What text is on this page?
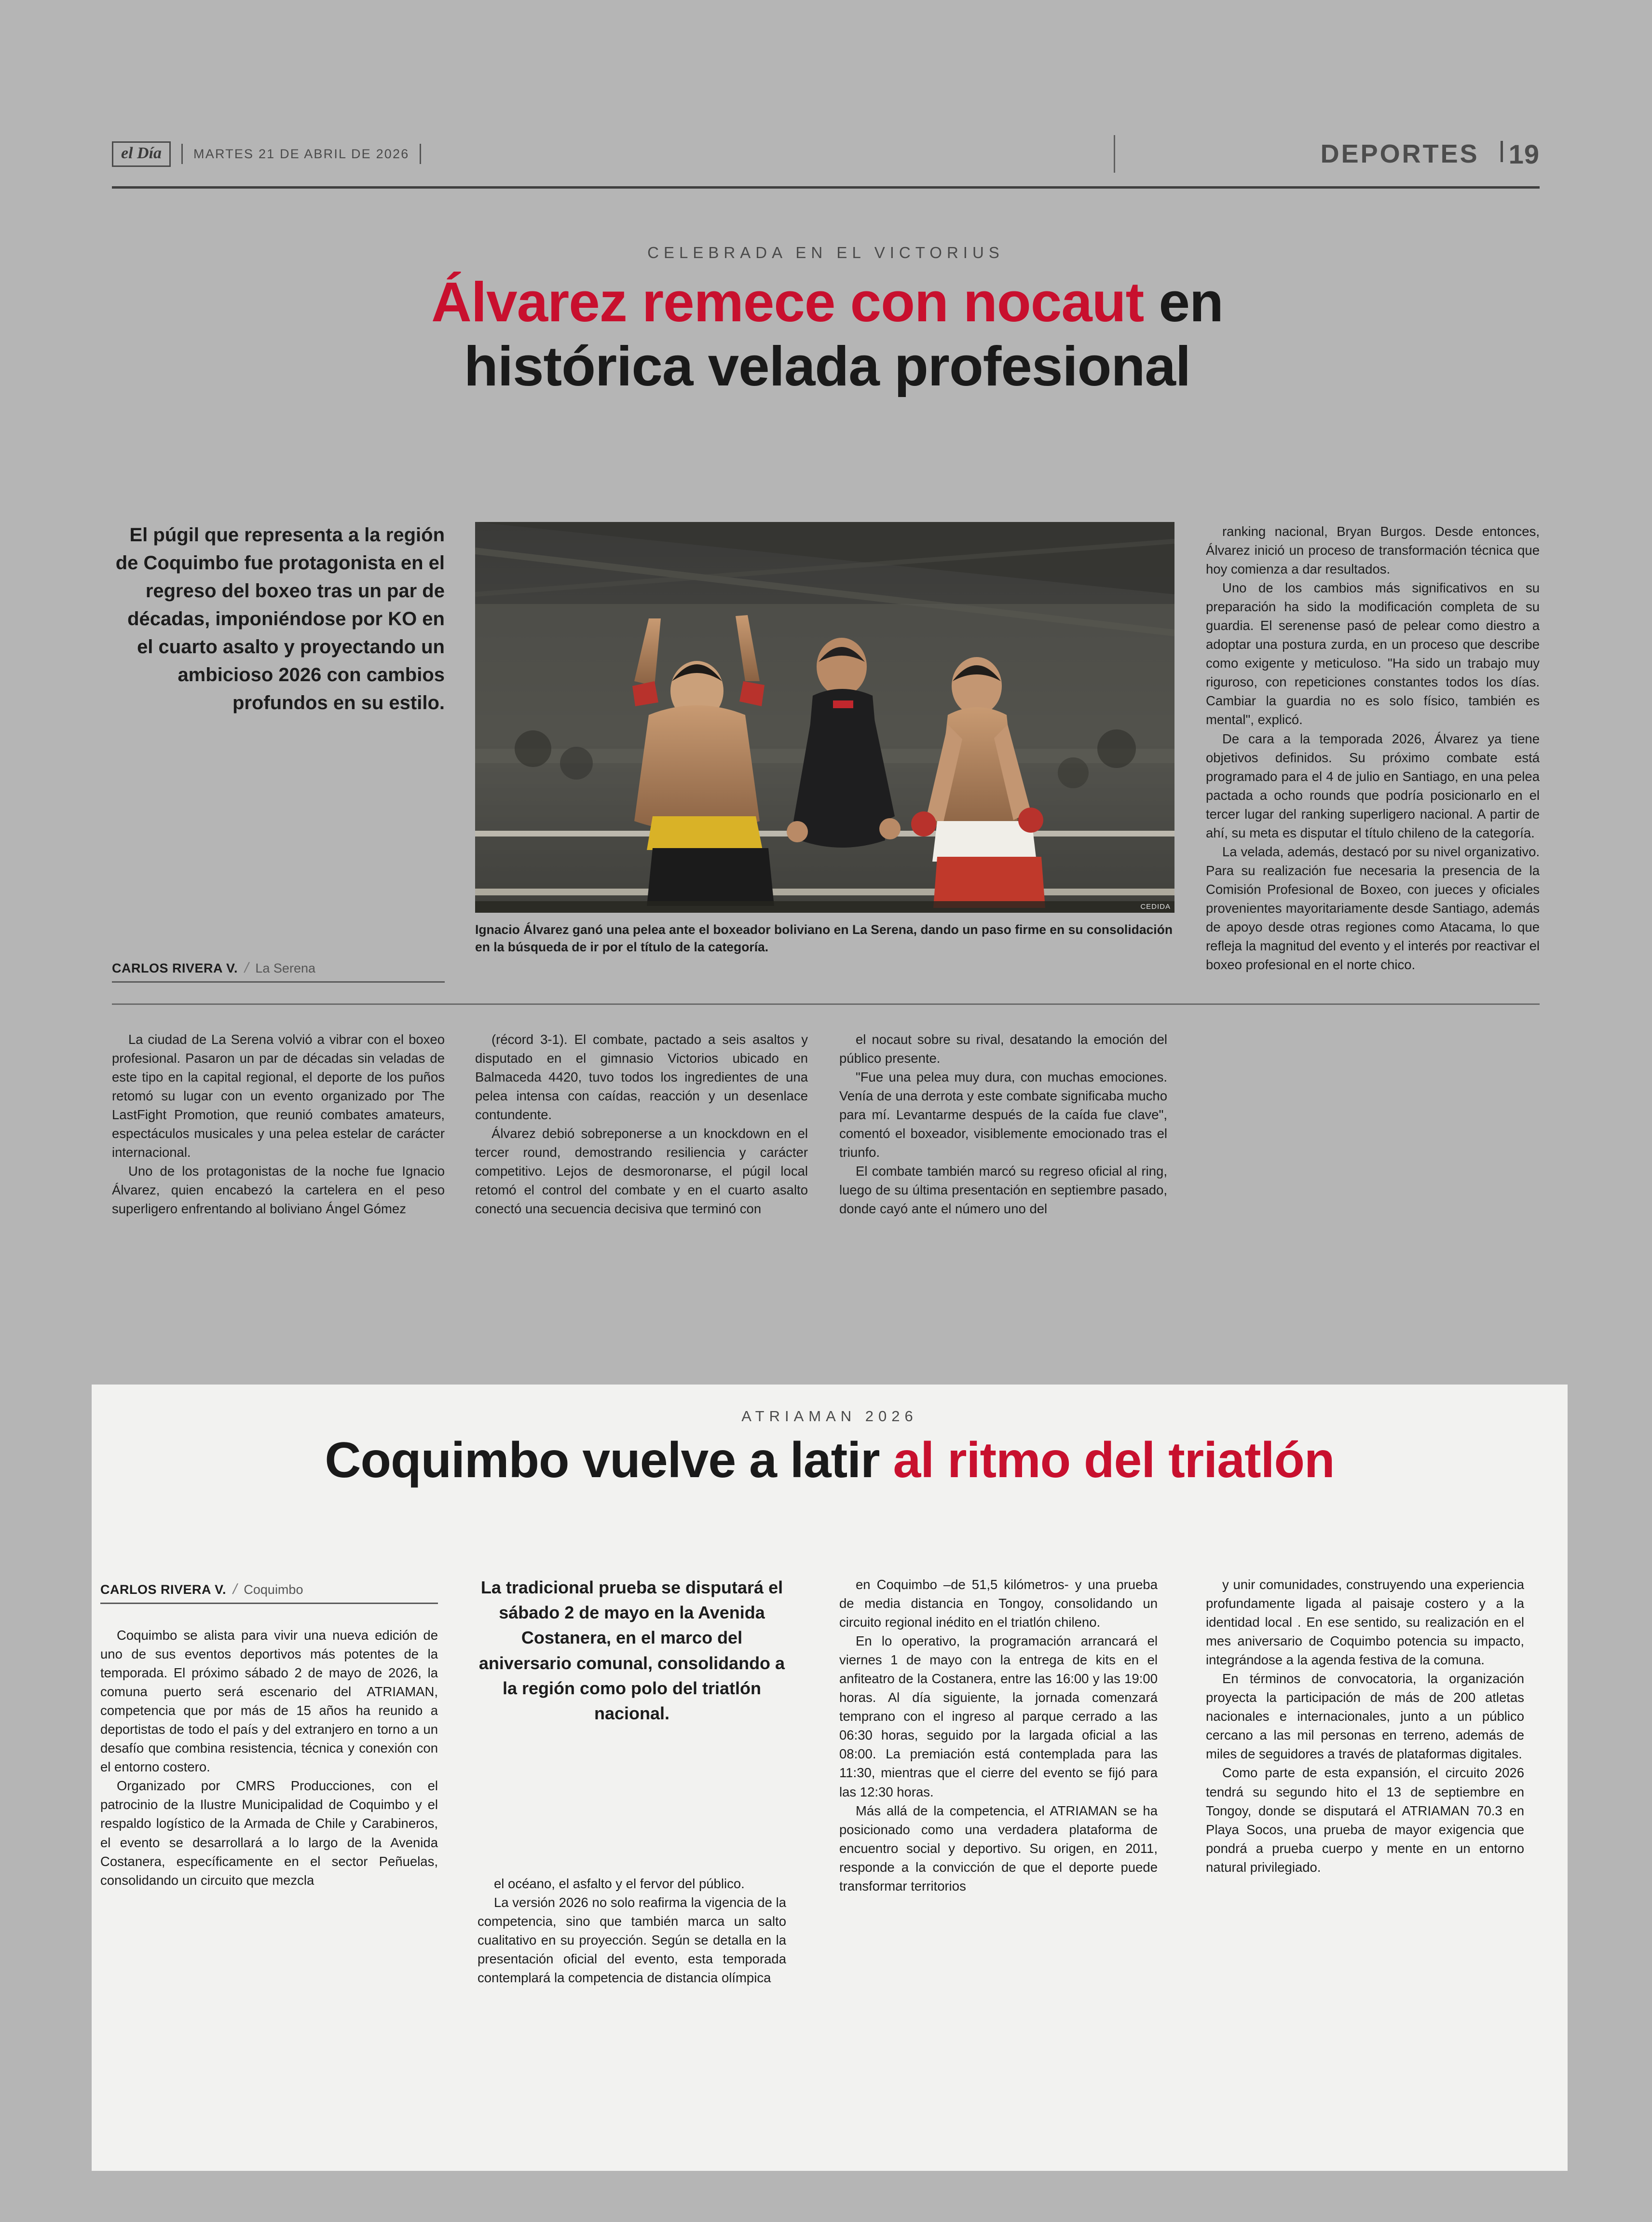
el Día	MARTES 21 DE ABRIL DE 2026	DEPORTES 19
CELEBRADA EN EL VICTORIUS
Álvarez remece con nocaut en
histórica velada profesional
El púgil que representa a la región de Coquimbo fue protagonista en el regreso del boxeo tras un par de décadas, imponiéndose por KO en el cuarto asalto y proyectando un ambicioso 2026 con cambios profundos en su estilo.
CARLOS RIVERA V. / La Serena
CEDIDA
Ignacio Álvarez ganó una pelea ante el boxeador boliviano en La Serena, dando un paso firme en su consolidación en la búsqueda de ir por el título de la categoría.

La ciudad de La Serena volvió a vibrar con el boxeo profesional. Pasaron un par de décadas sin veladas de este tipo en la capital regional, el deporte de los puños retomó su lugar con un evento organizado por The LastFight Promotion, que reunió combates amateurs, espectáculos musicales y una pelea estelar de carácter internacional.

Uno de los protagonistas de la noche fue Ignacio Álvarez, quien encabezó la cartelera en el peso superligero enfrentando al boliviano Ángel Gómez

(récord 3-1). El combate, pactado a seis asaltos y disputado en el gimnasio Victorios ubicado en Balmaceda 4420, tuvo todos los ingredientes de una pelea intensa con caídas, reacción y un desenlace contundente.

Álvarez debió sobreponerse a un knockdown en el tercer round, demostrando resiliencia y carácter competitivo. Lejos de desmoronarse, el púgil local retomó el control del combate y en el cuarto asalto conectó una secuencia decisiva que terminó con

el nocaut sobre su rival, desatando la emoción del público presente.

"Fue una pelea muy dura, con muchas emociones. Venía de una derrota y este combate significaba mucho para mí. Levantarme después de la caída fue clave", comentó el boxeador, visiblemente emocionado tras el triunfo.

El combate también marcó su regreso oficial al ring, luego de su última presentación en septiembre pasado, donde cayó ante el número uno del

ranking nacional, Bryan Burgos. Desde entonces, Álvarez inició un proceso de transformación técnica que hoy comienza a dar resultados.

Uno de los cambios más significativos en su preparación ha sido la modificación completa de su guardia. El serenense pasó de pelear como diestro a adoptar una postura zurda, en un proceso que describe como exigente y meticuloso. "Ha sido un trabajo muy riguroso, con repeticiones constantes todos los días. Cambiar la guardia no es solo físico, también es mental", explicó.

De cara a la temporada 2026, Álvarez ya tiene objetivos definidos. Su próximo combate está programado para el 4 de julio en Santiago, en una pelea pactada a ocho rounds que podría posicionarlo en el tercer lugar del ranking superligero nacional. A partir de ahí, su meta es disputar el título chileno de la categoría.

La velada, además, destacó por su nivel organizativo. Para su realización fue necesaria la presencia de la Comisión Profesional de Boxeo, con jueces y oficiales provenientes mayoritariamente desde Santiago, además de apoyo desde otras regiones como Atacama, lo que refleja la magnitud del evento y el interés por reactivar el boxeo profesional en el norte chico.

ATRIAMAN 2026
Coquimbo vuelve a latir al ritmo del triatlón
CARLOS RIVERA V. / Coquimbo	La tradicional prueba se disputará el sábado 2 de mayo en la Avenida Costanera, en el marco del aniversario comunal, consolidando a la región como polo del triatlón nacional.

Coquimbo se alista para vivir una nueva edición de uno de sus eventos deportivos más potentes de la temporada. El próximo sábado 2 de mayo de 2026, la comuna puerto será escenario del ATRIAMAN, competencia que por más de 15 años ha reunido a deportistas de todo el país y del extranjero en torno a un desafío que combina resistencia, técnica y conexión con el entorno costero.

Organizado por CMRS Producciones, con el patrocinio de la Ilustre Municipalidad de Coquimbo y el respaldo logístico de la Armada de Chile y Carabineros, el evento se desarrollará a lo largo de la Avenida Costanera, específicamente en el sector Peñuelas, consolidando un circuito que mezcla	el océano, el asfalto y el fervor del público.

La versión 2026 no solo reafirma la vigencia de la competencia, sino que también marca un salto cualitativo en su proyección. Según se detalla en la presentación oficial del evento, esta temporada contemplará la competencia de distancia olímpica

en Coquimbo –de 51,5 kilómetros- y una prueba de media distancia en Tongoy, consolidando un circuito regional inédito en el triatlón chileno.

En lo operativo, la programación arrancará el viernes 1 de mayo con la entrega de kits en el anfiteatro de la Costanera, entre las 16:00 y las 19:00 horas. Al día siguiente, la jornada comenzará temprano con el ingreso al parque cerrado a las 06:30 horas, seguido por la largada oficial a las 08:00. La premiación está contemplada para las 11:30, mientras que el cierre del evento se fijó para las 12:30 horas.

Más allá de la competencia, el ATRIAMAN se ha posicionado como una verdadera plataforma de encuentro social y deportivo. Su origen, en 2011, responde a la convicción de que el deporte puede transformar territorios

y unir comunidades, construyendo una experiencia profundamente ligada al paisaje costero y a la identidad local . En ese sentido, su realización en el mes aniversario de Coquimbo potencia su impacto, integrándose a la agenda festiva de la comuna.

En términos de convocatoria, la organización proyecta la participación de más de 200 atletas nacionales e internacionales, junto a un público cercano a las mil personas en terreno, además de miles de seguidores a través de plataformas digitales.

Como parte de esta expansión, el circuito 2026 tendrá su segundo hito el 13 de septiembre en Tongoy, donde se disputará el ATRIAMAN 70.3 en Playa Socos, una prueba de mayor exigencia que pondrá a prueba cuerpo y mente en un entorno natural privilegiado.
